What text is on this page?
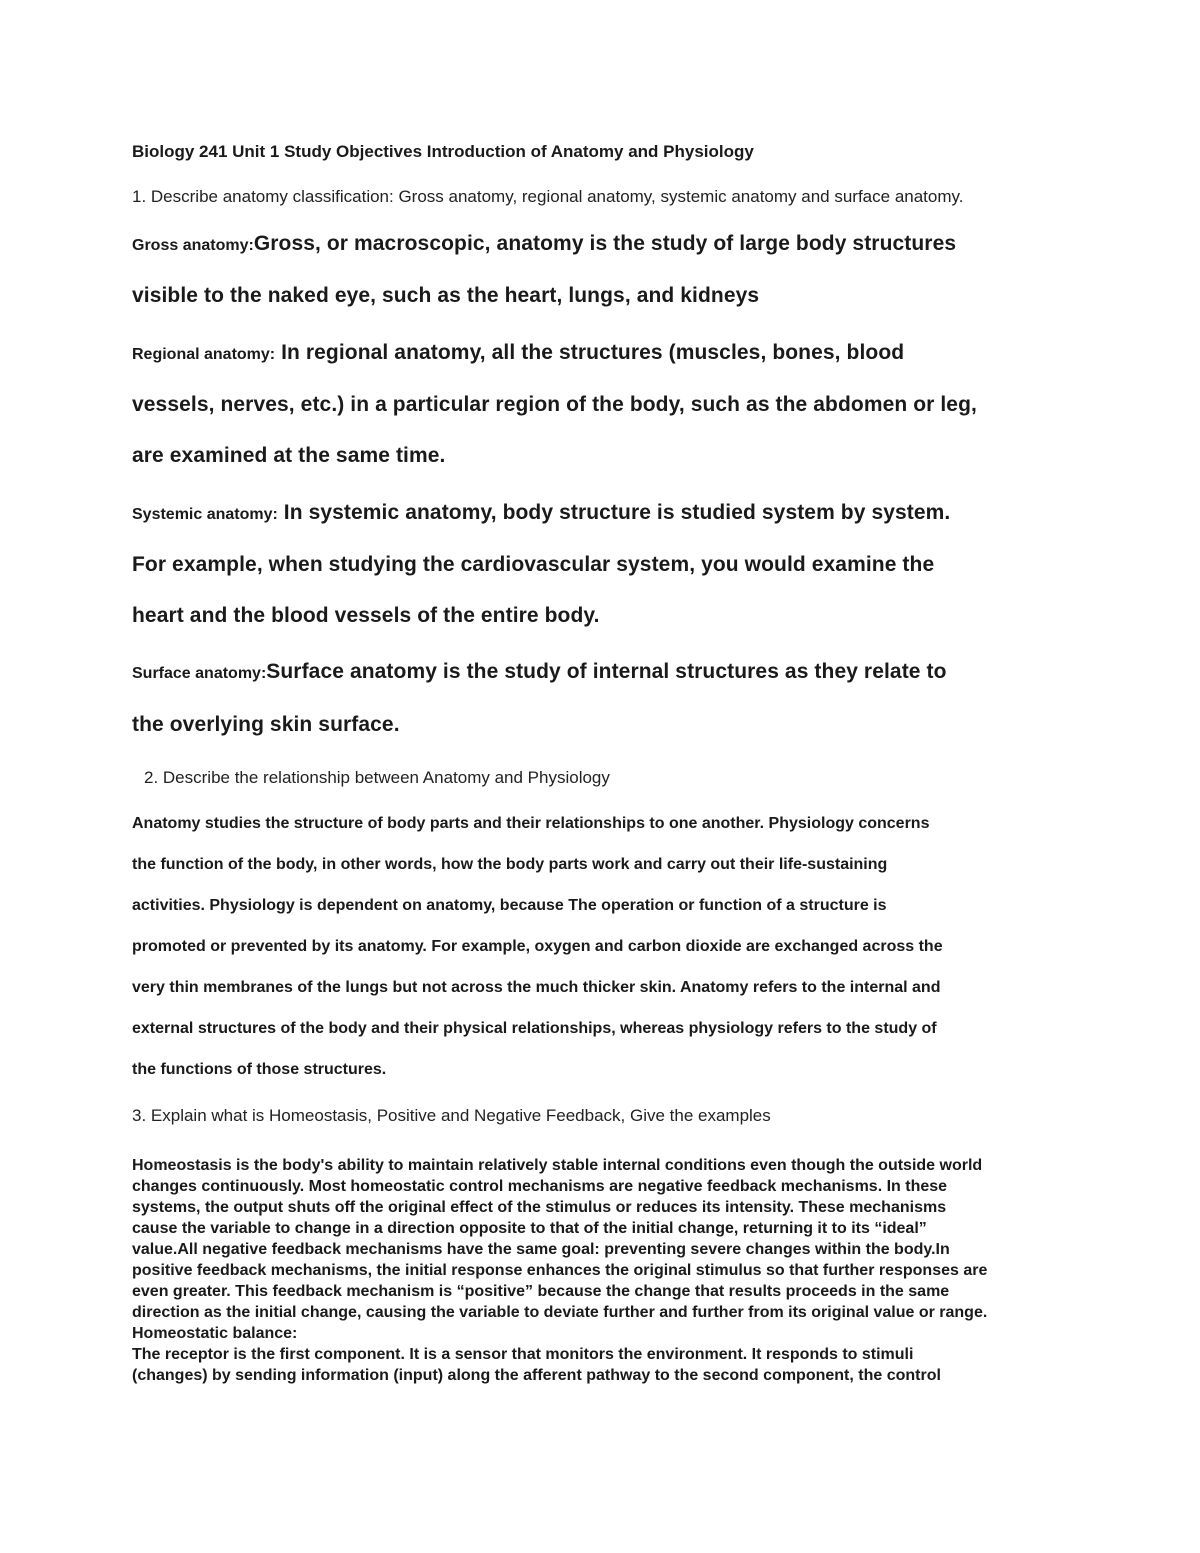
Biology 241 Unit 1 Study Objectives Introduction of Anatomy and Physiology

1. Describe anatomy classification: Gross anatomy, regional anatomy, systemic anatomy and surface anatomy.

Gross anatomy:Gross, or macroscopic, anatomy is the study of large body structures

visible to the naked eye, such as the heart, lungs, and kidneys

Regional anatomy: In regional anatomy, all the structures (muscles, bones, blood

vessels, nerves, etc.) in a particular region of the body, such as the abdomen or leg,

are examined at the same time.

Systemic anatomy: In systemic anatomy, body structure is studied system by system.

For example, when studying the cardiovascular system, you would examine the

heart and the blood vessels of the entire body.

Surface anatomy:Surface anatomy is the study of internal structures as they relate to

the overlying skin surface.

2. Describe the relationship between Anatomy and Physiology

Anatomy studies the structure of body parts and their relationships to one another. Physiology concerns

the function of the body, in other words, how the body parts work and carry out their life-sustaining

activities. Physiology is dependent on anatomy, because The operation or function of a structure is

promoted or prevented by its anatomy. For example, oxygen and carbon dioxide are exchanged across the

very thin membranes of the lungs but not across the much thicker skin. Anatomy refers to the internal and

external structures of the body and their physical relationships, whereas physiology refers to the study of

the functions of those structures.

3. Explain what is Homeostasis, Positive and Negative Feedback, Give the examples

Homeostasis is the body's ability to maintain relatively stable internal conditions even though the outside world

changes continuously. Most homeostatic control mechanisms are negative feedback mechanisms. In these

systems, the output shuts off the original effect of the stimulus or reduces its intensity. These mechanisms

cause the variable to change in a direction opposite to that of the initial change, returning it to its “ideal”

value.All negative feedback mechanisms have the same goal: preventing severe changes within the body.In

positive feedback mechanisms, the initial response enhances the original stimulus so that further responses are

even greater. This feedback mechanism is “positive” because the change that results proceeds in the same

direction as the initial change, causing the variable to deviate further and further from its original value or range.

Homeostatic balance:

The receptor is the first component. It is a sensor that monitors the environment. It responds to stimuli

(changes) by sending information (input) along the afferent pathway to the second component, the control
